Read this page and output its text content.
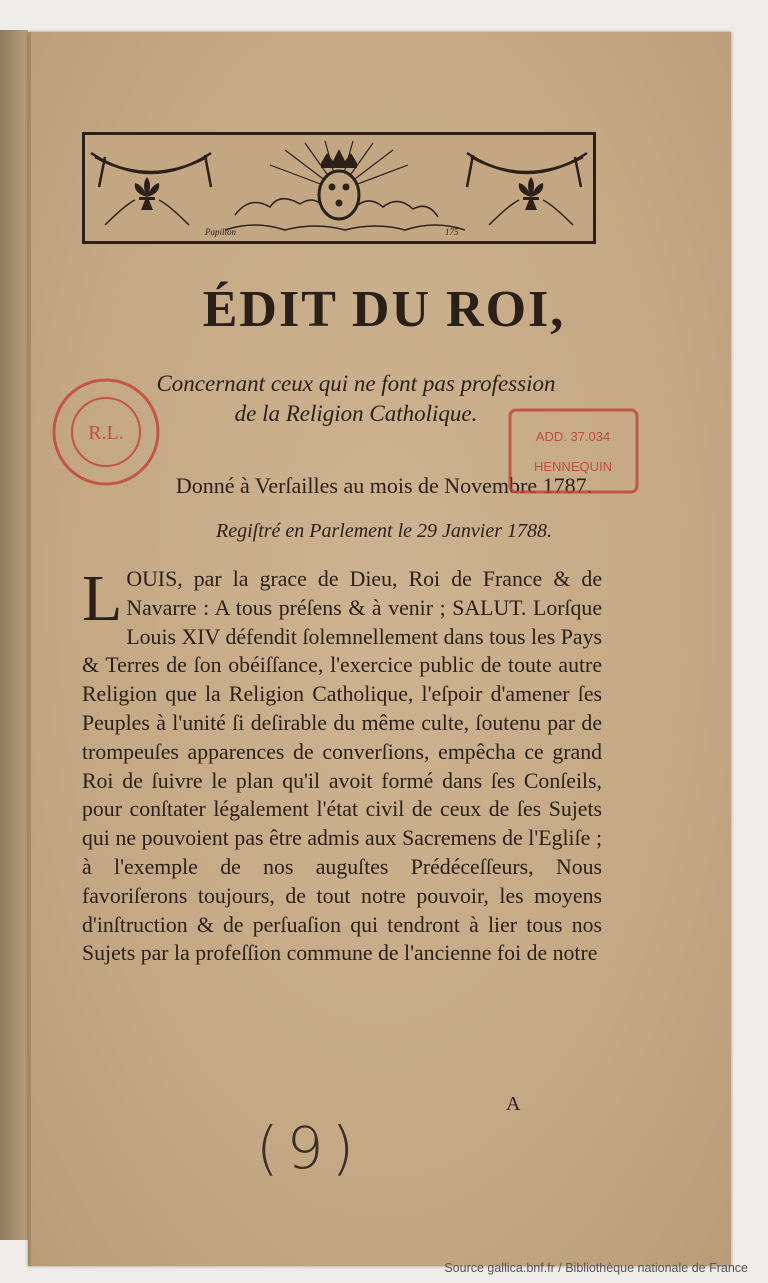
Papillon	175
ÉDIT DU ROI,
Concernant ceux qui ne font pas profession
de la Religion Catholique.
Donné à Verſailles au mois de Novembre 1787.
Regiſtré en Parlement le 29 Janvier 1788.

LOUIS, par la grace de Dieu, Roi de France & de Navarre : A tous préſens & à venir ; SALUT. Lorſque Louis XIV défendit ſolemnellement dans tous les Pays & Terres de ſon obéiſſance, l'exercice public de toute autre Religion que la Religion Catholique, l'eſpoir d'amener ſes Peuples à l'unité ſi deſirable du même culte, ſoutenu par de trompeuſes apparences de converſions, empêcha ce grand Roi de ſuivre le plan qu'il avoit formé dans ſes Conſeils, pour conſtater légalement l'état civil de ceux de ſes Sujets qui ne pouvoient pas être admis aux Sacremens de l'Egliſe ; à l'exemple de nos auguſtes Prédéceſſeurs, Nous favoriſerons toujours, de tout notre pouvoir, les moyens d'inſtruction & de perſuaſion qui tendront à lier tous nos Sujets par la profeſſion commune de l'ancienne foi de notre

A
(9)
R.L.	ADD. 37.034
HENNEQUIN
Source gallica.bnf.fr / Bibliothèque nationale de France
